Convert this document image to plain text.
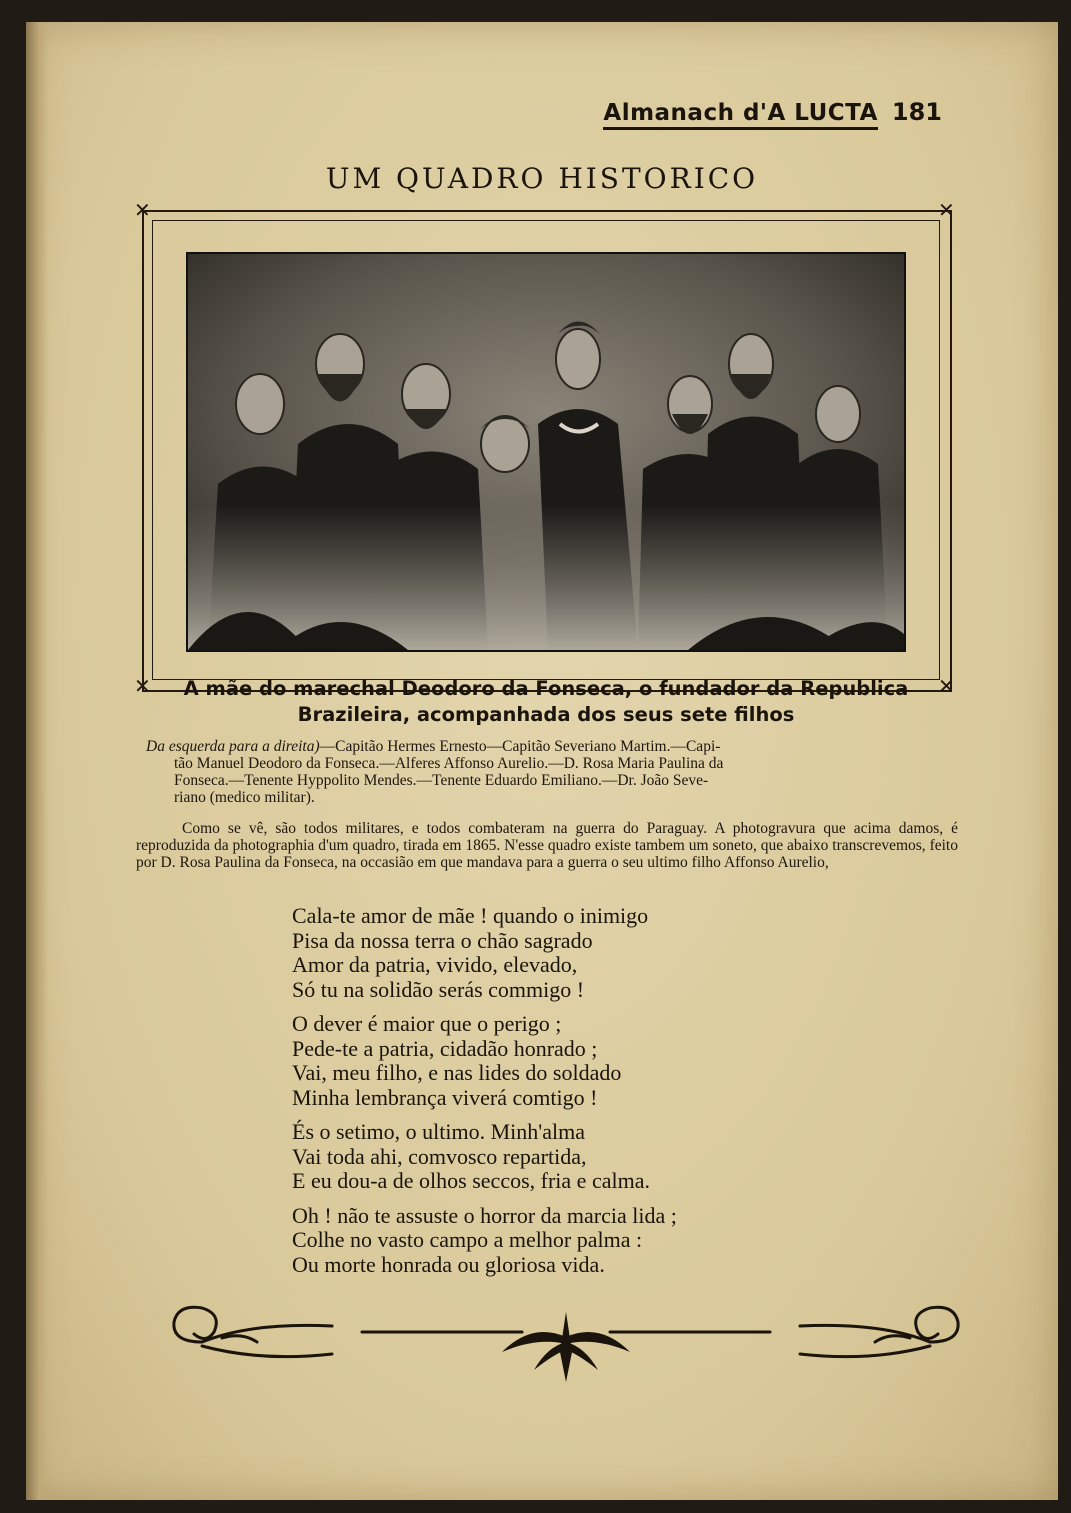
Almanach d'A LUCTA 181
UM QUADRO HISTORICO
✕	✕
✕	✕
A mãe do marechal Deodoro da Fonseca, o fundador da Republica
Brazileira, acompanhada dos seus sete filhos

Da esquerda para a direita)—Capitão Hermes Ernesto—Capitão Severiano Martim.—Capi-

tão Manuel Deodoro da Fonseca.—Alferes Affonso Aurelio.—D. Rosa Maria Paulina da

Fonseca.—Tenente Hyppolito Mendes.—Tenente Eduardo Emiliano.—Dr. João Seve-

riano (medico militar).

Como se vê, são todos militares, e todos combateram na guerra do Paraguay. A photogravura que acima damos, é reproduzida da photographia d'um quadro, tirada em 1865. N'esse quadro existe tambem um soneto, que abaixo transcrevemos, feito por D. Rosa Paulina da Fonseca, na occasião em que mandava para a guerra o seu ultimo filho Affonso Aurelio,
Cala-te amor de mãe ! quando o inimigo
Pisa da nossa terra o chão sagrado
Amor da patria, vivido, elevado,
Só tu na solidão serás commigo !
O dever é maior que o perigo ;
Pede-te a patria, cidadão honrado ;
Vai, meu filho, e nas lides do soldado
Minha lembrança viverá comtigo !
És o setimo, o ultimo. Minh'alma
Vai toda ahi, comvosco repartida,
E eu dou-a de olhos seccos, fria e calma.
Oh ! não te assuste o horror da marcia lida ;
Colhe no vasto campo a melhor palma :
Ou morte honrada ou gloriosa vida.
